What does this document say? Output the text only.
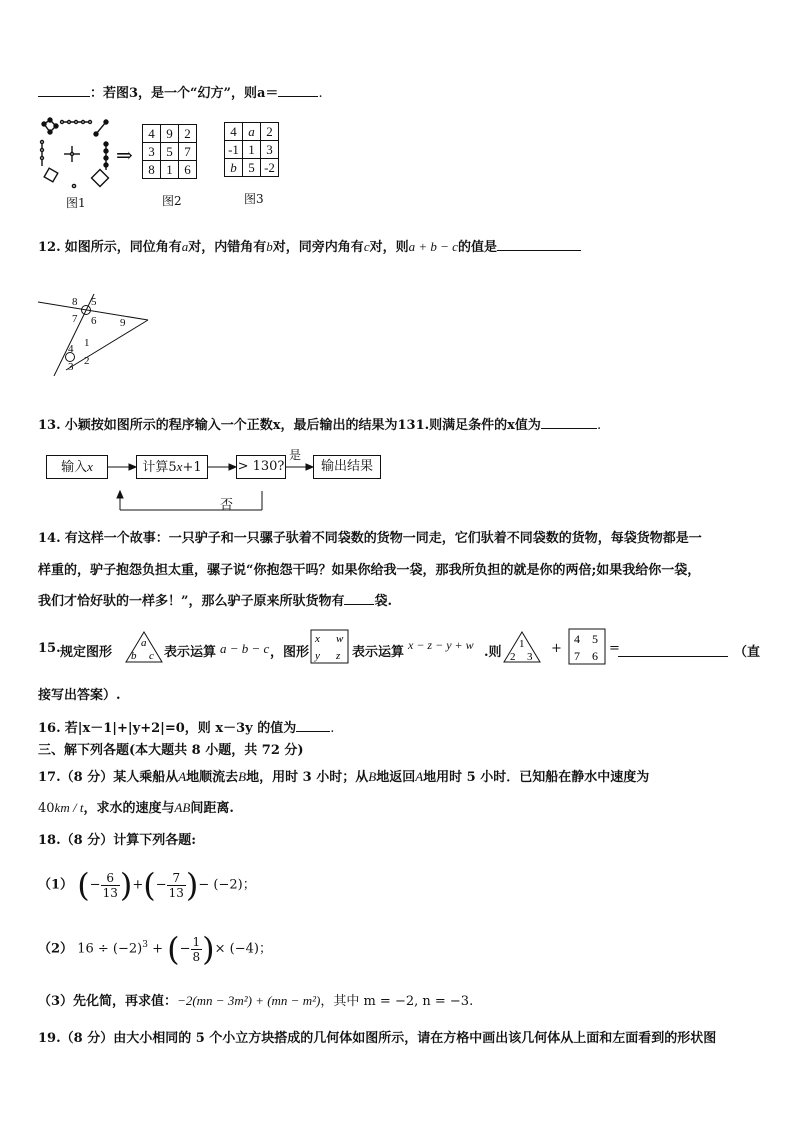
：若图3，是一个“幻方”，则a＝	.
图1
⇒
4	9	2
3	5	7
8	1	6
图2
4	a	2
-1	1	3
b	5	-2
图3
12. 如图所示，同位角有a对，内错角有b对，同旁内角有c对，则a + b − c的值是
8 5
7 6 9
1
4
2
3
13. 小颖按如图所示的程序输入一个正数x，最后输出的结果为131.则满足条件的x值为	.
输入x	计算5x+1	> 130?	输出结果
是
否
14. 有这样一个故事：一只驴子和一只骡子驮着不同袋数的货物一同走，它们驮着不同袋数的货物，每袋货物都是一
样重的，驴子抱怨负担太重，骡子说“你抱怨干吗？如果你给我一袋，那我所负担的就是你的两倍;如果我给你一袋，
我们才恰好驮的一样多！”，那么驴子原来所驮货物有 袋.
15. 规定图形
a
b c 表示运算 a − b − c ，图形
x w
y z 表示运算 x − z − y + w .则
1
2 3
+
4 5
7 6 =	（直
接写出答案）.
16. 若|x－1|+|y+2|=0，则 x－3y 的值为	.
三、解下列各题(本大题共 8 小题，共 72 分)
17.（8 分）某人乘船从A地顺流去B地，用时 3 小时；从B地返回A地用时 5 小时．已知船在静水中速度为
40km / t，求水的速度与AB间距离.
18.（8 分）计算下列各题:
（1） (− $\frac{6}{13}$ )+(− $\frac{7}{13}$ )− (−2)；
（2） $16 \div (-2)^3$ + (− $\frac{1}{8}$ )× (−4)；
（3）先化简，再求值：−2(mn − 3m²) + (mn − m²)，其中 m = −2, n = −3.
19.（8 分）由大小相同的 5 个小立方块搭成的几何体如图所示，请在方格中画出该几何体从上面和左面看到的形状图
